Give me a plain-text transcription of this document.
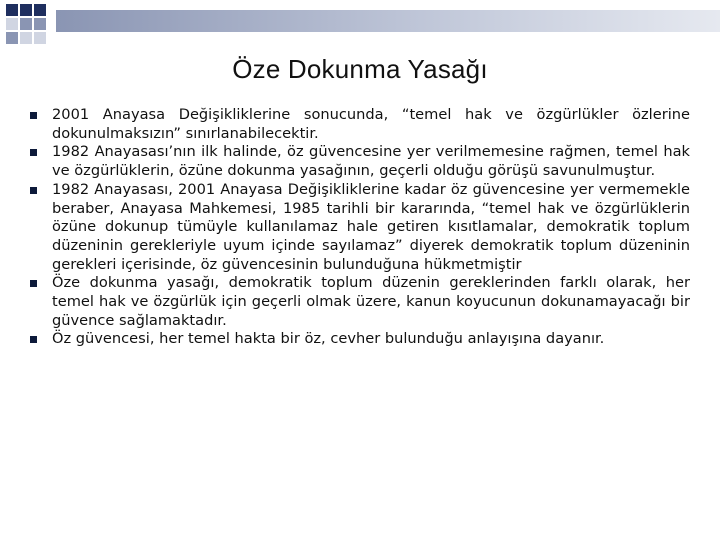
Öze Dokunma Yasağı
2001 Anayasa Değişikliklerine sonucunda, “temel hak ve özgürlükler özlerine dokunulmaksızın” sınırlanabilecektir.
1982 Anayasası’nın ilk halinde, öz güvencesine yer verilmemesine rağmen, temel hak ve özgürlüklerin, özüne dokunma yasağının, geçerli olduğu görüşü savunulmuştur.
1982 Anayasası, 2001 Anayasa Değişikliklerine kadar öz güvencesine yer vermemekle beraber, Anayasa Mahkemesi, 1985 tarihli bir kararında, “temel hak ve özgürlüklerin özüne dokunup tümüyle kullanılamaz hale getiren kısıtlamalar, demokratik toplum düzeninin gerekleriyle uyum içinde sayılamaz” diyerek demokratik toplum düzeninin gerekleri içerisinde, öz güvencesinin bulunduğuna hükmetmiştir
Öze dokunma yasağı, demokratik toplum düzenin gereklerinden farklı olarak, her temel hak ve özgürlük için geçerli olmak üzere, kanun koyucunun dokunamayacağı bir güvence sağlamaktadır.
Öz güvencesi, her temel hakta bir öz, cevher bulunduğu anlayışına dayanır.
